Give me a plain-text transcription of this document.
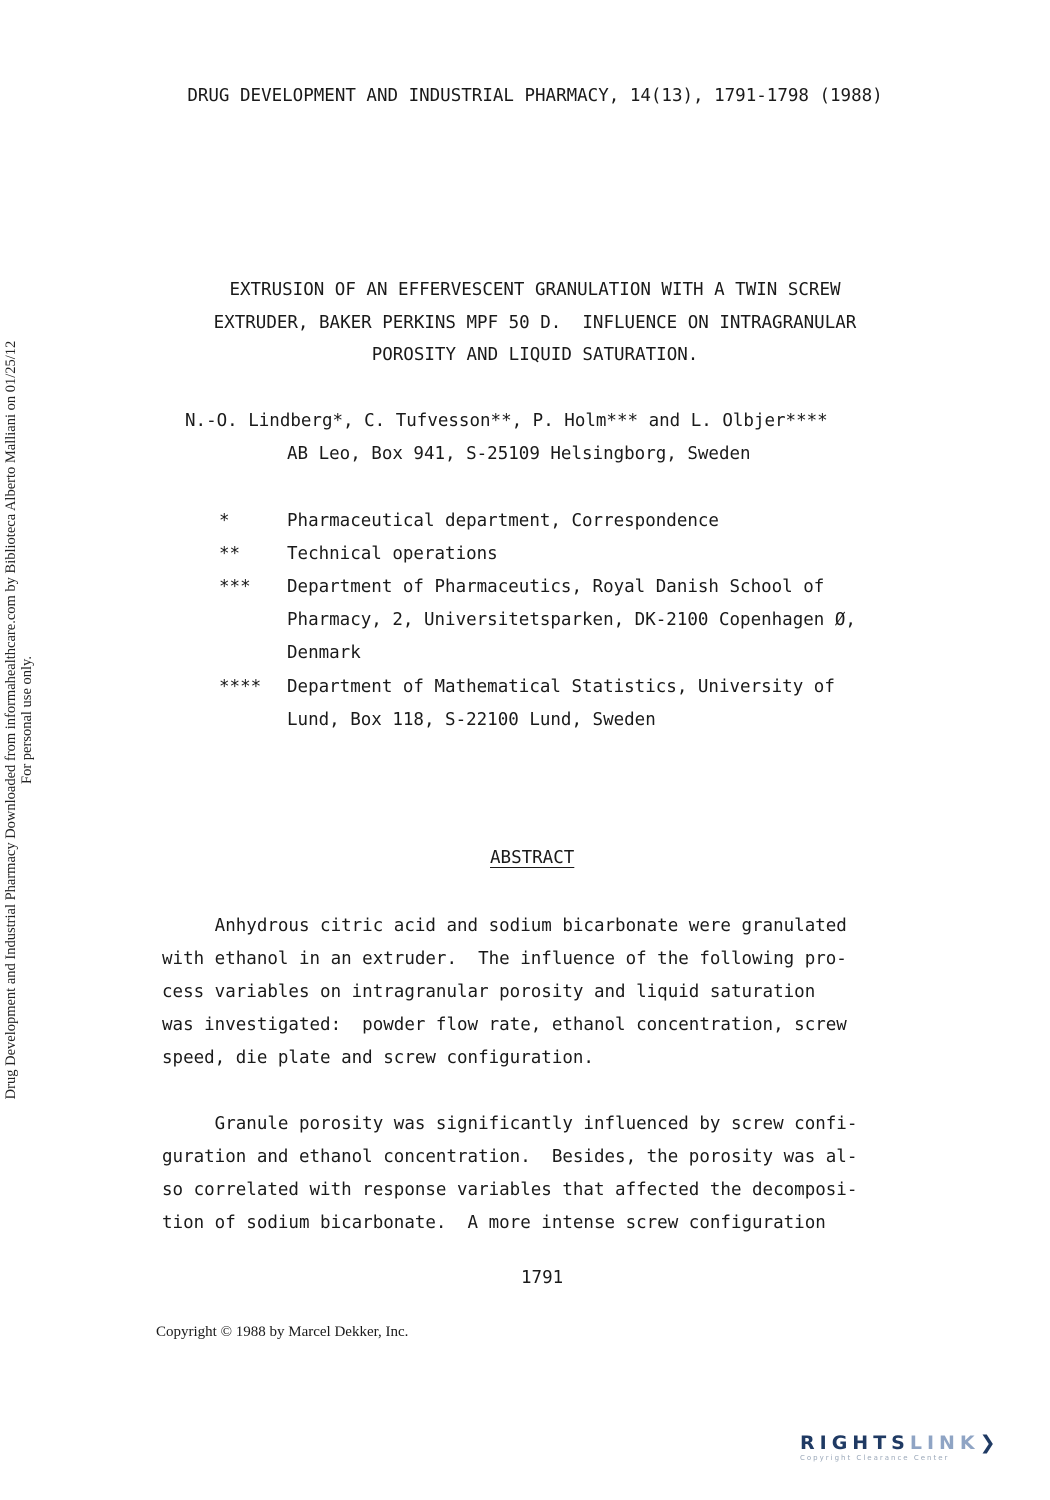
DRUG DEVELOPMENT AND INDUSTRIAL PHARMACY, 14(13), 1791-1798 (1988)
Drug Development and Industrial Pharmacy Downloaded from informahealthcare.com by Biblioteca Alberto Malliani on 01/25/12 For personal use only.
EXTRUSION OF AN EFFERVESCENT GRANULATION WITH A TWIN SCREW
EXTRUDER, BAKER PERKINS MPF 50 D.  INFLUENCE ON INTRAGRANULAR
POROSITY AND LIQUID SATURATION.
N.-O. Lindberg*, C. Tufvesson**, P. Holm*** and L. Olbjer****
AB Leo, Box 941, S-25109 Helsingborg, Sweden
*	Pharmaceutical department, Correspondence
**	Technical operations
*** Department of Pharmaceutics, Royal Danish School of
Pharmacy, 2, Universitetsparken, DK-2100 Copenhagen Ø,
Denmark
**** Department of Mathematical Statistics, University of
Lund, Box 118, S-22100 Lund, Sweden
ABSTRACT
Anhydrous citric acid and sodium bicarbonate were granulated
with ethanol in an extruder.  The influence of the following pro-
cess variables on intragranular porosity and liquid saturation
was investigated:  powder flow rate, ethanol concentration, screw
speed, die plate and screw configuration.
Granule porosity was significantly influenced by screw confi-
guration and ethanol concentration.  Besides, the porosity was al-
so correlated with response variables that affected the decomposi-
tion of sodium bicarbonate.  A more intense screw configuration
1791
Copyright © 1988 by Marcel Dekker, Inc.
RIGHTSLINK❯
Copyright Clearance Center
